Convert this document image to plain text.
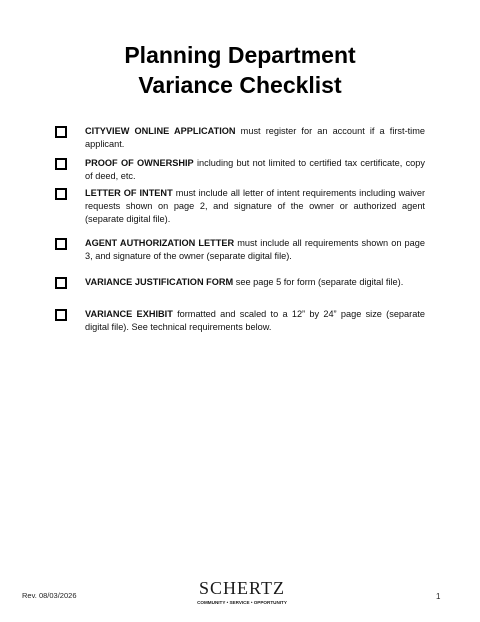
Planning Department
Variance Checklist
CITYVIEW ONLINE APPLICATION must register for an account if a first-time applicant.
PROOF OF OWNERSHIP including but not limited to certified tax certificate, copy of deed, etc.
LETTER OF INTENT must include all letter of intent requirements including waiver requests shown on page 2, and signature of the owner or authorized agent (separate digital file).
AGENT AUTHORIZATION LETTER must include all requirements shown on page 3, and signature of the owner (separate digital file).
VARIANCE JUSTIFICATION FORM see page 5 for form (separate digital file).
VARIANCE EXHIBIT formatted and scaled to a 12” by 24” page size (separate digital file). See technical requirements below.
Rev. 08/03/2026	SCHERTZ
COMMUNITY • SERVICE • OPPORTUNITY
1
